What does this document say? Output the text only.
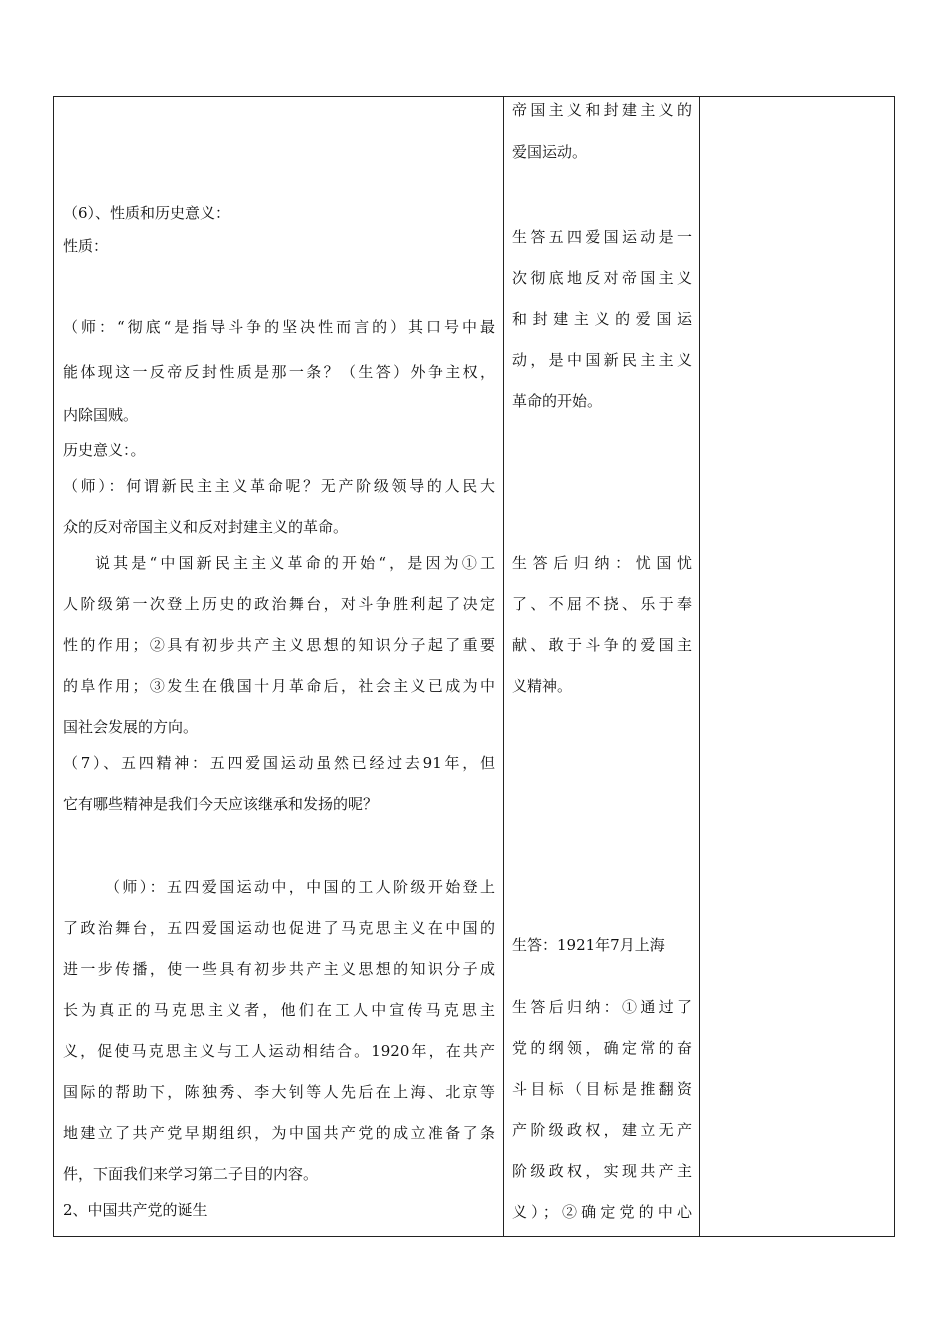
（6）、性质和历史意义：
性质：
（师：“彻底“是指导斗争的坚决性而言的）其口号中最
能体现这一反帝反封性质是那一条？（生答）外争主权，
内除国贼。
历史意义：。
（师）：何谓新民主主义革命呢？无产阶级领导的人民大
众的反对帝国主义和反对封建主义的革命。
说其是“中国新民主主义革命的开始“，是因为①工
人阶级第一次登上历史的政治舞台，对斗争胜利起了决定
性的作用；②具有初步共产主义思想的知识分子起了重要
的阜作用；③发生在俄国十月革命后，社会主义已成为中
国社会发展的方向。
（7）、五四精神：五四爱国运动虽然已经过去91年，但
它有哪些精神是我们今天应该继承和发扬的呢？
（师）：五四爱国运动中，中国的工人阶级开始登上
了政治舞台，五四爱国运动也促进了马克思主义在中国的
进一步传播，使一些具有初步共产主义思想的知识分子成
长为真正的马克思主义者，他们在工人中宣传马克思主
义，促使马克思主义与工人运动相结合。1920年，在共产
国际的帮助下，陈独秀、李大钊等人先后在上海、北京等
地建立了共产党早期组织，为中国共产党的成立准备了条
件，下面我们来学习第二子目的内容。
2、中国共产党的诞生
帝国主义和封建主义的
爱国运动。
生答五四爱国运动是一
次彻底地反对帝国主义
和封建主义的爱国运
动，是中国新民主主义
革命的开始。
生答后归纳：忧国忧
了、不屈不挠、乐于奉
献、敢于斗争的爱国主
义精神。
生答：1921年7月上海
生答后归纳：①通过了
党的纲领，确定常的奋
斗目标（目标是推翻资
产阶级政权，建立无产
阶级政权，实现共产主
义）；②确定党的中心
